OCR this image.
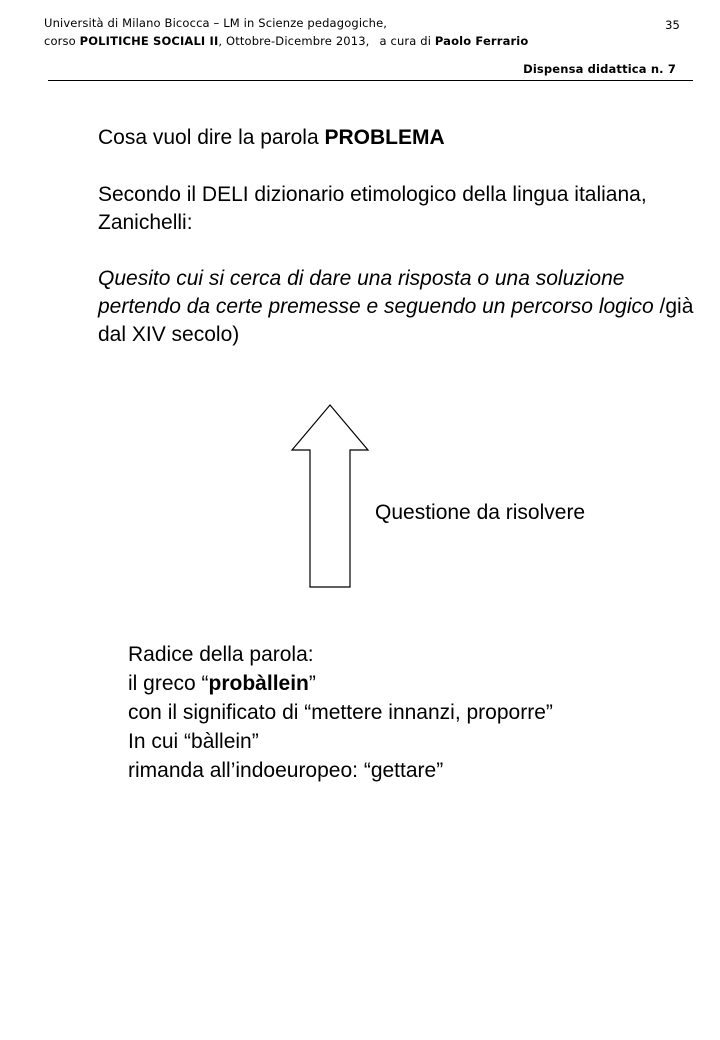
Università di Milano Bicocca – LM in Scienze pedagogiche,	35
corso POLITICHE SOCIALI II, Ottobre-Dicembre 2013, a cura di Paolo Ferrario
Dispensa didattica n. 7

Cosa vuol dire la parola PROBLEMA

Secondo il DELI dizionario etimologico della lingua italiana, Zanichelli:

Quesito cui si cerca di dare una risposta o una soluzione pertendo da certe premesse e seguendo un percorso logico /già dal XIV secolo)

Questione da risolvere

Radice della parola:

il greco “probàllein”

con il significato di “mettere innanzi, proporre”

In cui “bàllein”

rimanda all’indoeuropeo: “gettare”
